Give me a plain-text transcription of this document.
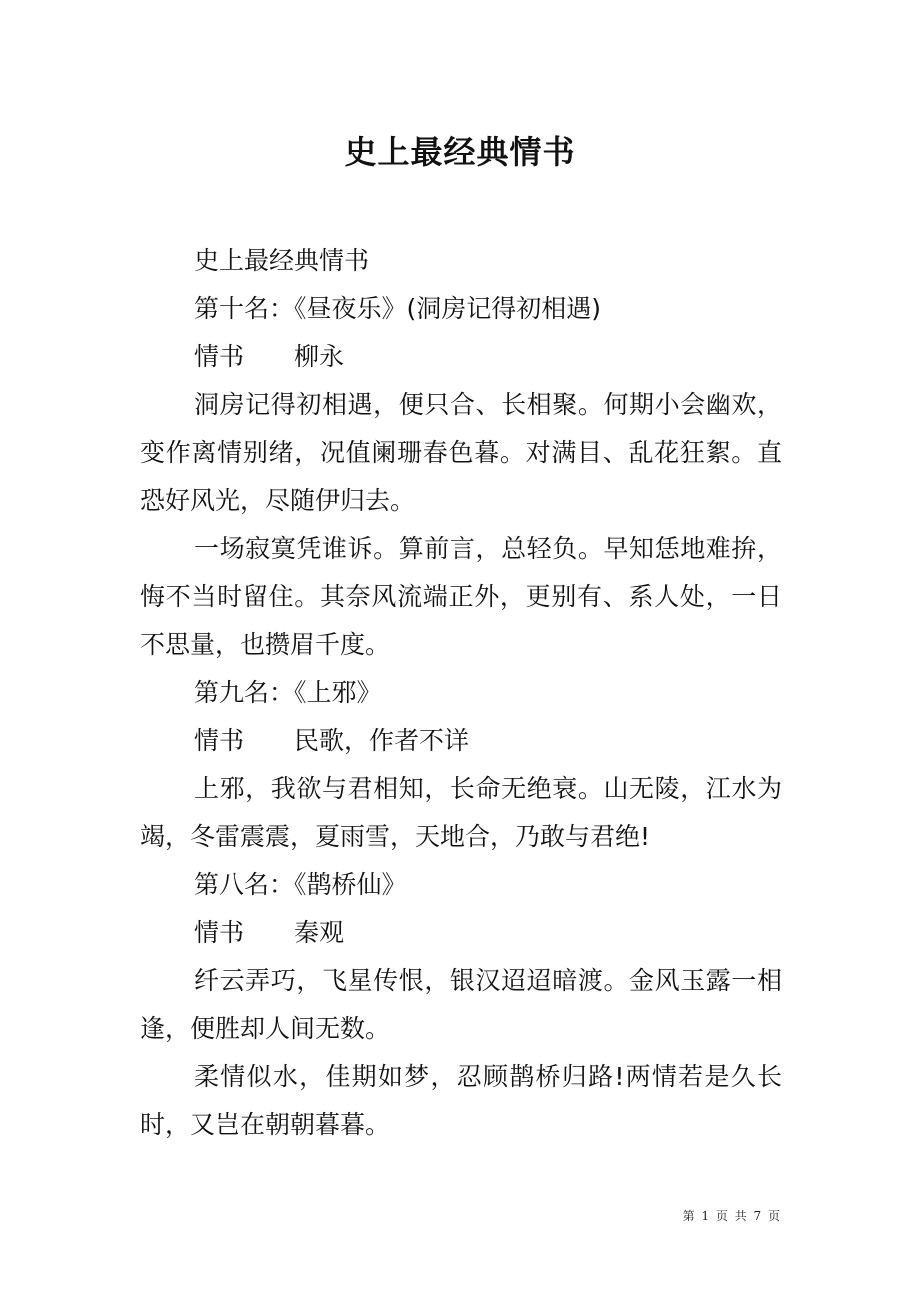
史上最经典情书

史上最经典情书

第十名：《昼夜乐》(洞房记得初相遇)

情书　　柳永

洞房记得初相遇，便只合、长相聚。何期小会幽欢，变作离情别绪，况值阑珊春色暮。对满目、乱花狂絮。直恐好风光，尽随伊归去。

一场寂寞凭谁诉。算前言，总轻负。早知恁地难拚，悔不当时留住。其奈风流端正外，更别有、系人处，一日不思量，也攒眉千度。

第九名：《上邪》

情书　　民歌，作者不详

上邪，我欲与君相知，长命无绝衰。山无陵，江水为竭，冬雷震震，夏雨雪，天地合，乃敢与君绝!

第八名：《鹊桥仙》

情书　　秦观

纤云弄巧，飞星传恨，银汉迢迢暗渡。金风玉露一相逢，便胜却人间无数。

柔情似水，佳期如梦，忍顾鹊桥归路!两情若是久长时，又岂在朝朝暮暮。

第 1 页 共 7 页
